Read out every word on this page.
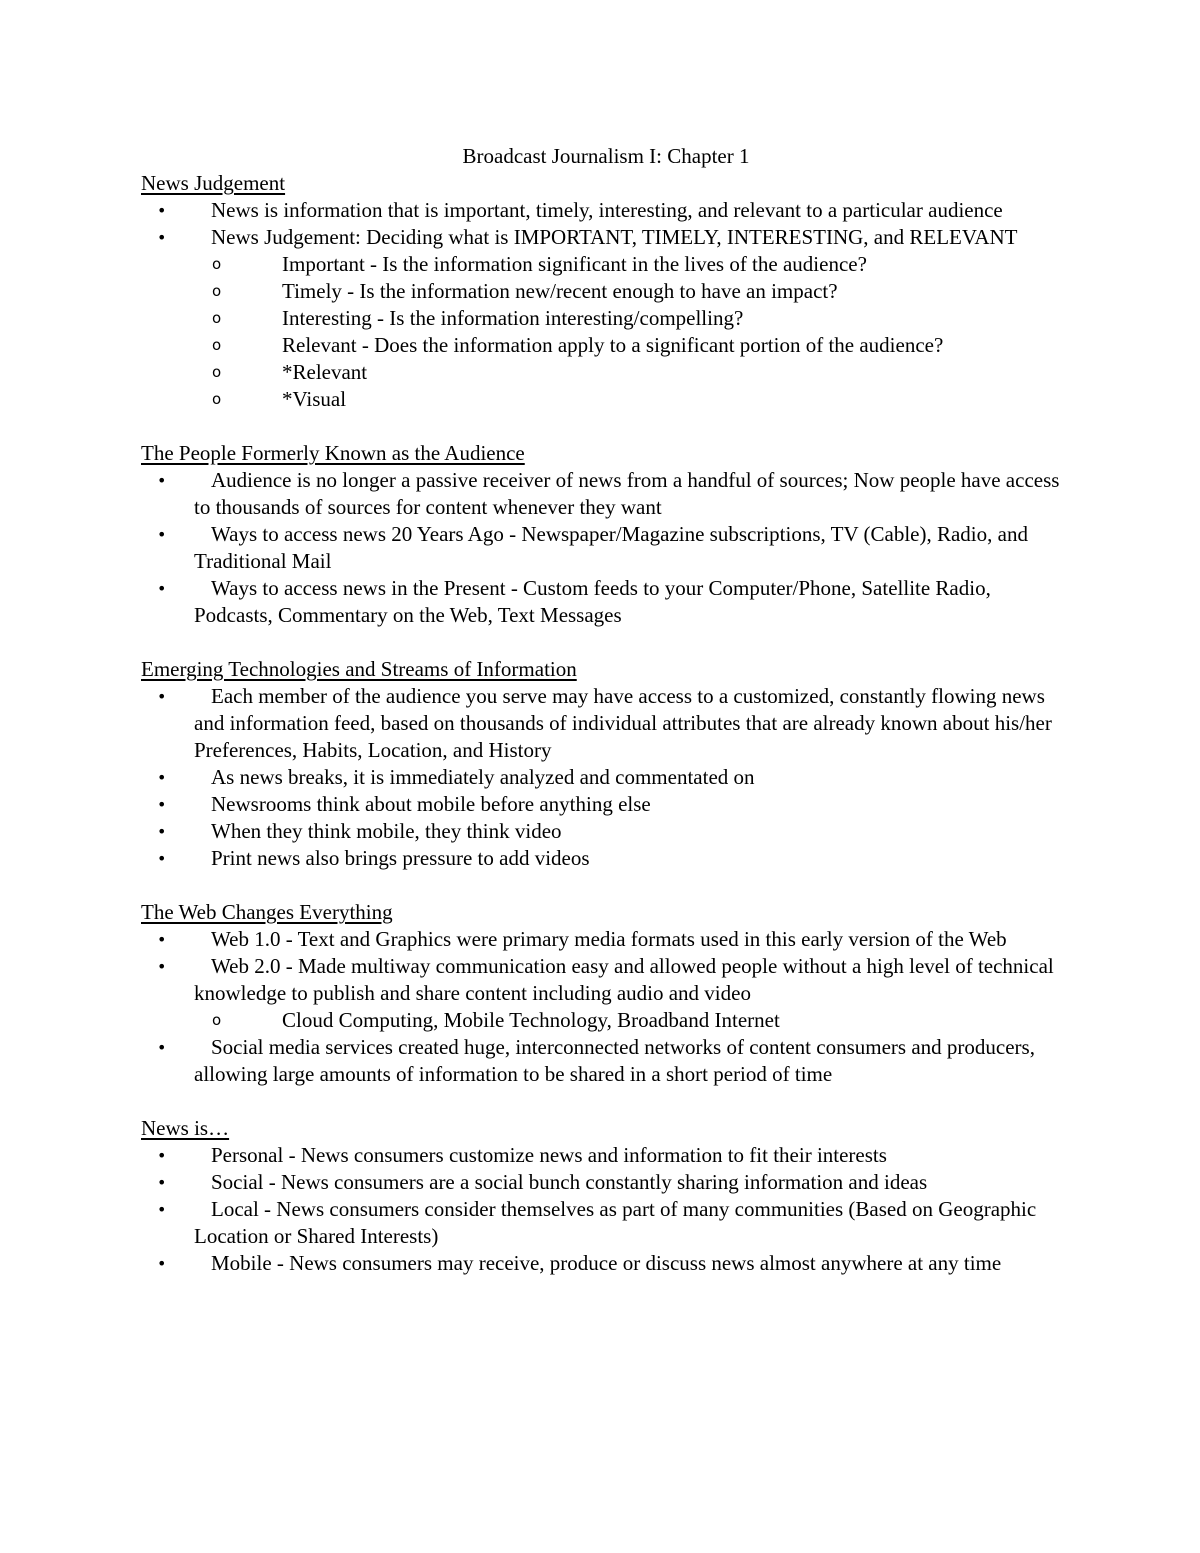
Broadcast Journalism I: Chapter 1
News Judgement
•	News is information that is important, timely, interesting, and relevant to a particular audience
•	News Judgement: Deciding what is IMPORTANT, TIMELY, INTERESTING, and RELEVANT
o	Important - Is the information significant in the lives of the audience?
o	Timely - Is the information new/recent enough to have an impact?
o	Interesting - Is the information interesting/compelling?
o	Relevant - Does the information apply to a significant portion of the audience?
o	*Relevant
o	*Visual
The People Formerly Known as the Audience
•	Audience is no longer a passive receiver of news from a handful of sources; Now people have access to thousands of sources for content whenever they want
•	Ways to access news 20 Years Ago - Newspaper/Magazine subscriptions, TV (Cable), Radio, and Traditional Mail
•	Ways to access news in the Present - Custom feeds to your Computer/Phone, Satellite Radio, Podcasts, Commentary on the Web, Text Messages
Emerging Technologies and Streams of Information
•	Each member of the audience you serve may have access to a customized, constantly flowing news and information feed, based on thousands of individual attributes that are already known about his/her Preferences, Habits, Location, and History
•	As news breaks, it is immediately analyzed and commentated on
•	Newsrooms think about mobile before anything else
•	When they think mobile, they think video
•	Print news also brings pressure to add videos
The Web Changes Everything
•	Web 1.0 - Text and Graphics were primary media formats used in this early version of the Web
•	Web 2.0 - Made multiway communication easy and allowed people without a high level of technical knowledge to publish and share content including audio and video
o	Cloud Computing, Mobile Technology, Broadband Internet
•	Social media services created huge, interconnected networks of content consumers and producers, allowing large amounts of information to be shared in a short period of time
News is…
•	Personal - News consumers customize news and information to fit their interests
•	Social - News consumers are a social bunch constantly sharing information and ideas
•	Local - News consumers consider themselves as part of many communities (Based on Geographic Location or Shared Interests)
•	Mobile - News consumers may receive, produce or discuss news almost anywhere at any time
